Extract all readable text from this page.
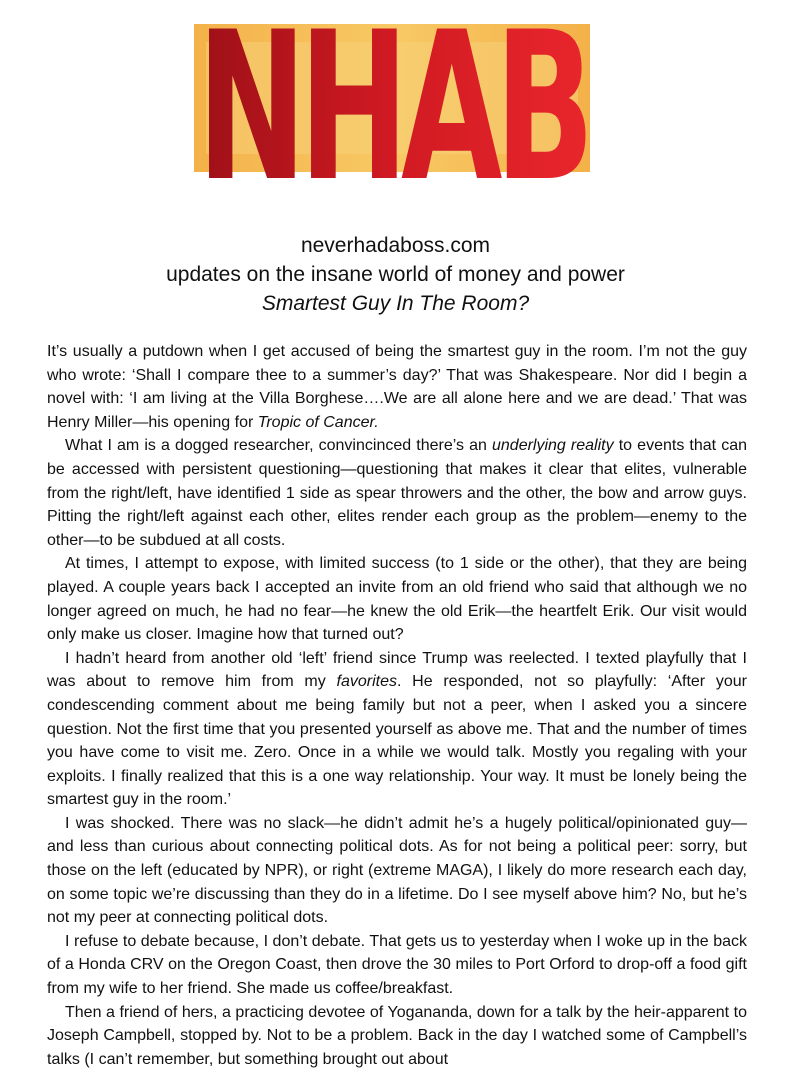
NHAB
neverhadaboss.com
updates on the insane world of money and power
Smartest Guy In The Room?

It’s usually a putdown when I get accused of being the smartest guy in the room. I’m not the guy who wrote: ‘Shall I compare thee to a summer’s day?’ That was Shakespeare. Nor did I begin a novel with: ‘I am living at the Villa Borghese….We are all alone here and we are dead.’ That was Henry Miller—his opening for Tropic of Cancer.

What I am is a dogged researcher, convincinced there’s an underlying reality to events that can be accessed with persistent questioning—questioning that makes it clear that elites, vulnerable from the right/left, have identified 1 side as spear throwers and the other, the bow and arrow guys. Pitting the right/left against each other, elites render each group as the problem—enemy to the other—to be subdued at all costs.

At times, I attempt to expose, with limited success (to 1 side or the other), that they are being played. A couple years back I accepted an invite from an old friend who said that although we no longer agreed on much, he had no fear—he knew the old Erik—the heartfelt Erik. Our visit would only make us closer. Imagine how that turned out?

I hadn’t heard from another old ‘left’ friend since Trump was reelected. I texted playfully that I was about to remove him from my favorites. He responded, not so playfully: ‘After your condescending comment about me being family but not a peer, when I asked you a sincere question. Not the first time that you presented yourself as above me. That and the number of times you have come to visit me. Zero. Once in a while we would talk. Mostly you regaling with your exploits. I finally realized that this is a one way relationship. Your way. It must be lonely being the smartest guy in the room.’

I was shocked. There was no slack—he didn’t admit he’s a hugely political/opinionated guy—and less than curious about connecting political dots. As for not being a political peer: sorry, but those on the left (educated by NPR), or right (extreme MAGA), I likely do more research each day, on some topic we’re discussing than they do in a lifetime. Do I see myself above him? No, but he’s not my peer at connecting political dots.

I refuse to debate because, I don’t debate. That gets us to yesterday when I woke up in the back of a Honda CRV on the Oregon Coast, then drove the 30 miles to Port Orford to drop-off a food gift from my wife to her friend. She made us coffee/breakfast.

Then a friend of hers, a practicing devotee of Yogananda, down for a talk by the heir-apparent to Joseph Campbell, stopped by. Not to be a problem. Back in the day I watched some of Campbell’s talks (I can’t remember, but something brought out about
